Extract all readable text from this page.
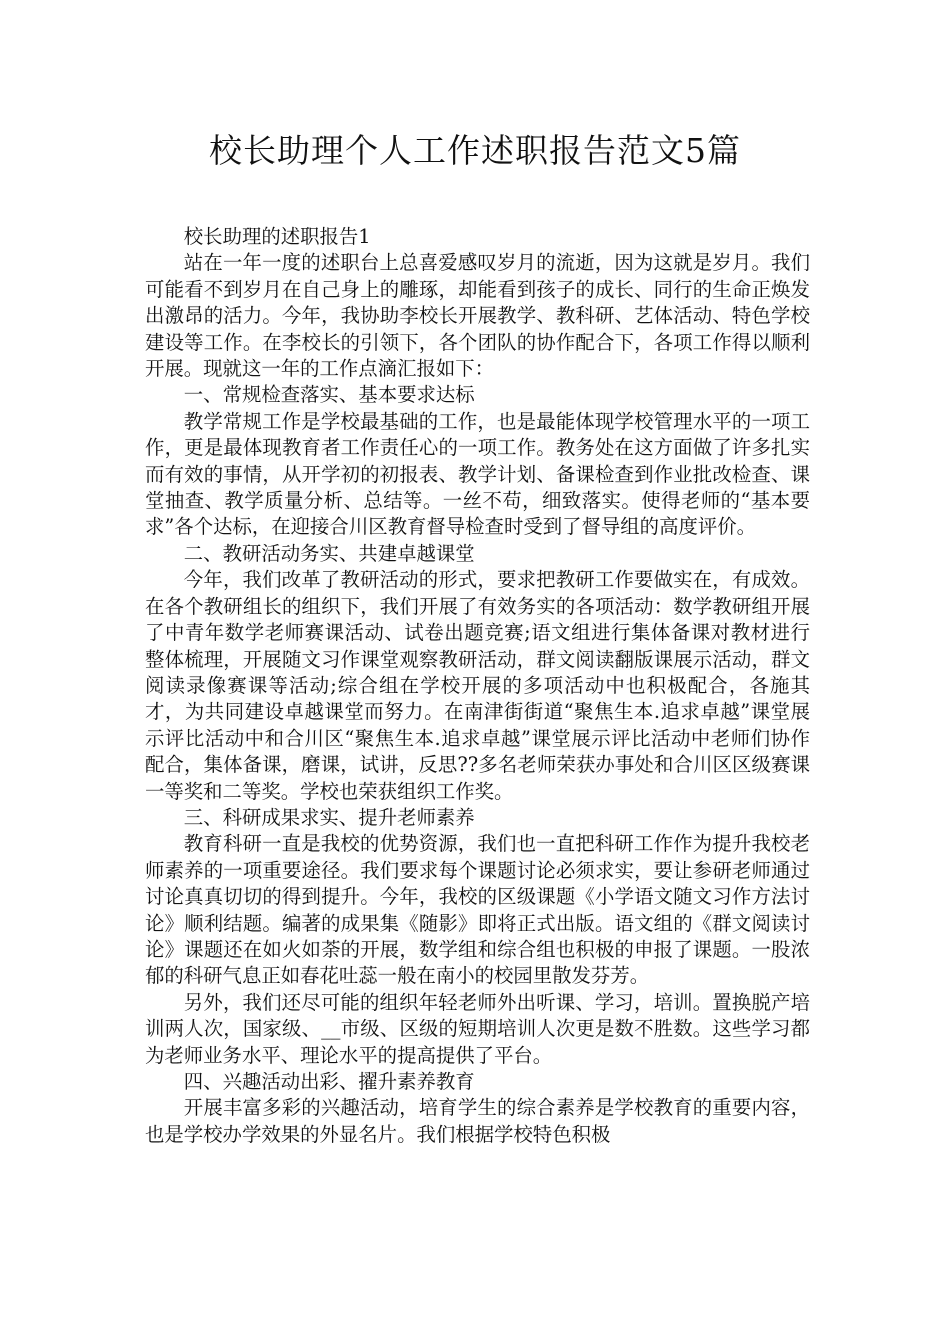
校长助理个人工作述职报告范文5篇

校长助理的述职报告1

站在一年一度的述职台上总喜爱感叹岁月的流逝，因为这就是岁月。我们可能看不到岁月在自己身上的雕琢，却能看到孩子的成长、同行的生命正焕发出激昂的活力。今年，我协助李校长开展教学、教科研、艺体活动、特色学校建设等工作。在李校长的引领下，各个团队的协作配合下，各项工作得以顺利开展。现就这一年的工作点滴汇报如下：

一、常规检查落实、基本要求达标

教学常规工作是学校最基础的工作，也是最能体现学校管理水平的一项工作，更是最体现教育者工作责任心的一项工作。教务处在这方面做了许多扎实而有效的事情，从开学初的初报表、教学计划、备课检查到作业批改检查、课堂抽查、教学质量分析、总结等。一丝不苟，细致落实。使得老师的“基本要求”各个达标，在迎接合川区教育督导检查时受到了督导组的高度评价。

二、教研活动务实、共建卓越课堂

今年，我们改革了教研活动的形式，要求把教研工作要做实在，有成效。在各个教研组长的组织下，我们开展了有效务实的各项活动：数学教研组开展了中青年数学老师赛课活动、试卷出题竞赛;语文组进行集体备课对教材进行整体梳理，开展随文习作课堂观察教研活动，群文阅读翻版课展示活动，群文阅读录像赛课等活动;综合组在学校开展的多项活动中也积极配合，各施其才，为共同建设卓越课堂而努力。在南津街街道“聚焦生本.追求卓越”课堂展示评比活动中和合川区“聚焦生本.追求卓越”课堂展示评比活动中老师们协作配合，集体备课，磨课，试讲，反思??多名老师荣获办事处和合川区区级赛课一等奖和二等奖。学校也荣获组织工作奖。

三、科研成果求实、提升老师素养

教育科研一直是我校的优势资源，我们也一直把科研工作作为提升我校老师素养的一项重要途径。我们要求每个课题讨论必须求实，要让参研老师通过讨论真真切切的得到提升。今年，我校的区级课题《小学语文随文习作方法讨论》顺利结题。编著的成果集《随影》即将正式出版。语文组的《群文阅读讨论》课题还在如火如荼的开展，数学组和综合组也积极的申报了课题。一股浓郁的科研气息正如春花吐蕊一般在南小的校园里散发芬芳。

另外，我们还尽可能的组织年轻老师外出听课、学习，培训。置换脱产培训两人次，国家级、__市级、区级的短期培训人次更是数不胜数。这些学习都为老师业务水平、理论水平的提高提供了平台。

四、兴趣活动出彩、擢升素养教育

开展丰富多彩的兴趣活动，培育学生的综合素养是学校教育的重要内容，也是学校办学效果的外显名片。我们根据学校特色积极
